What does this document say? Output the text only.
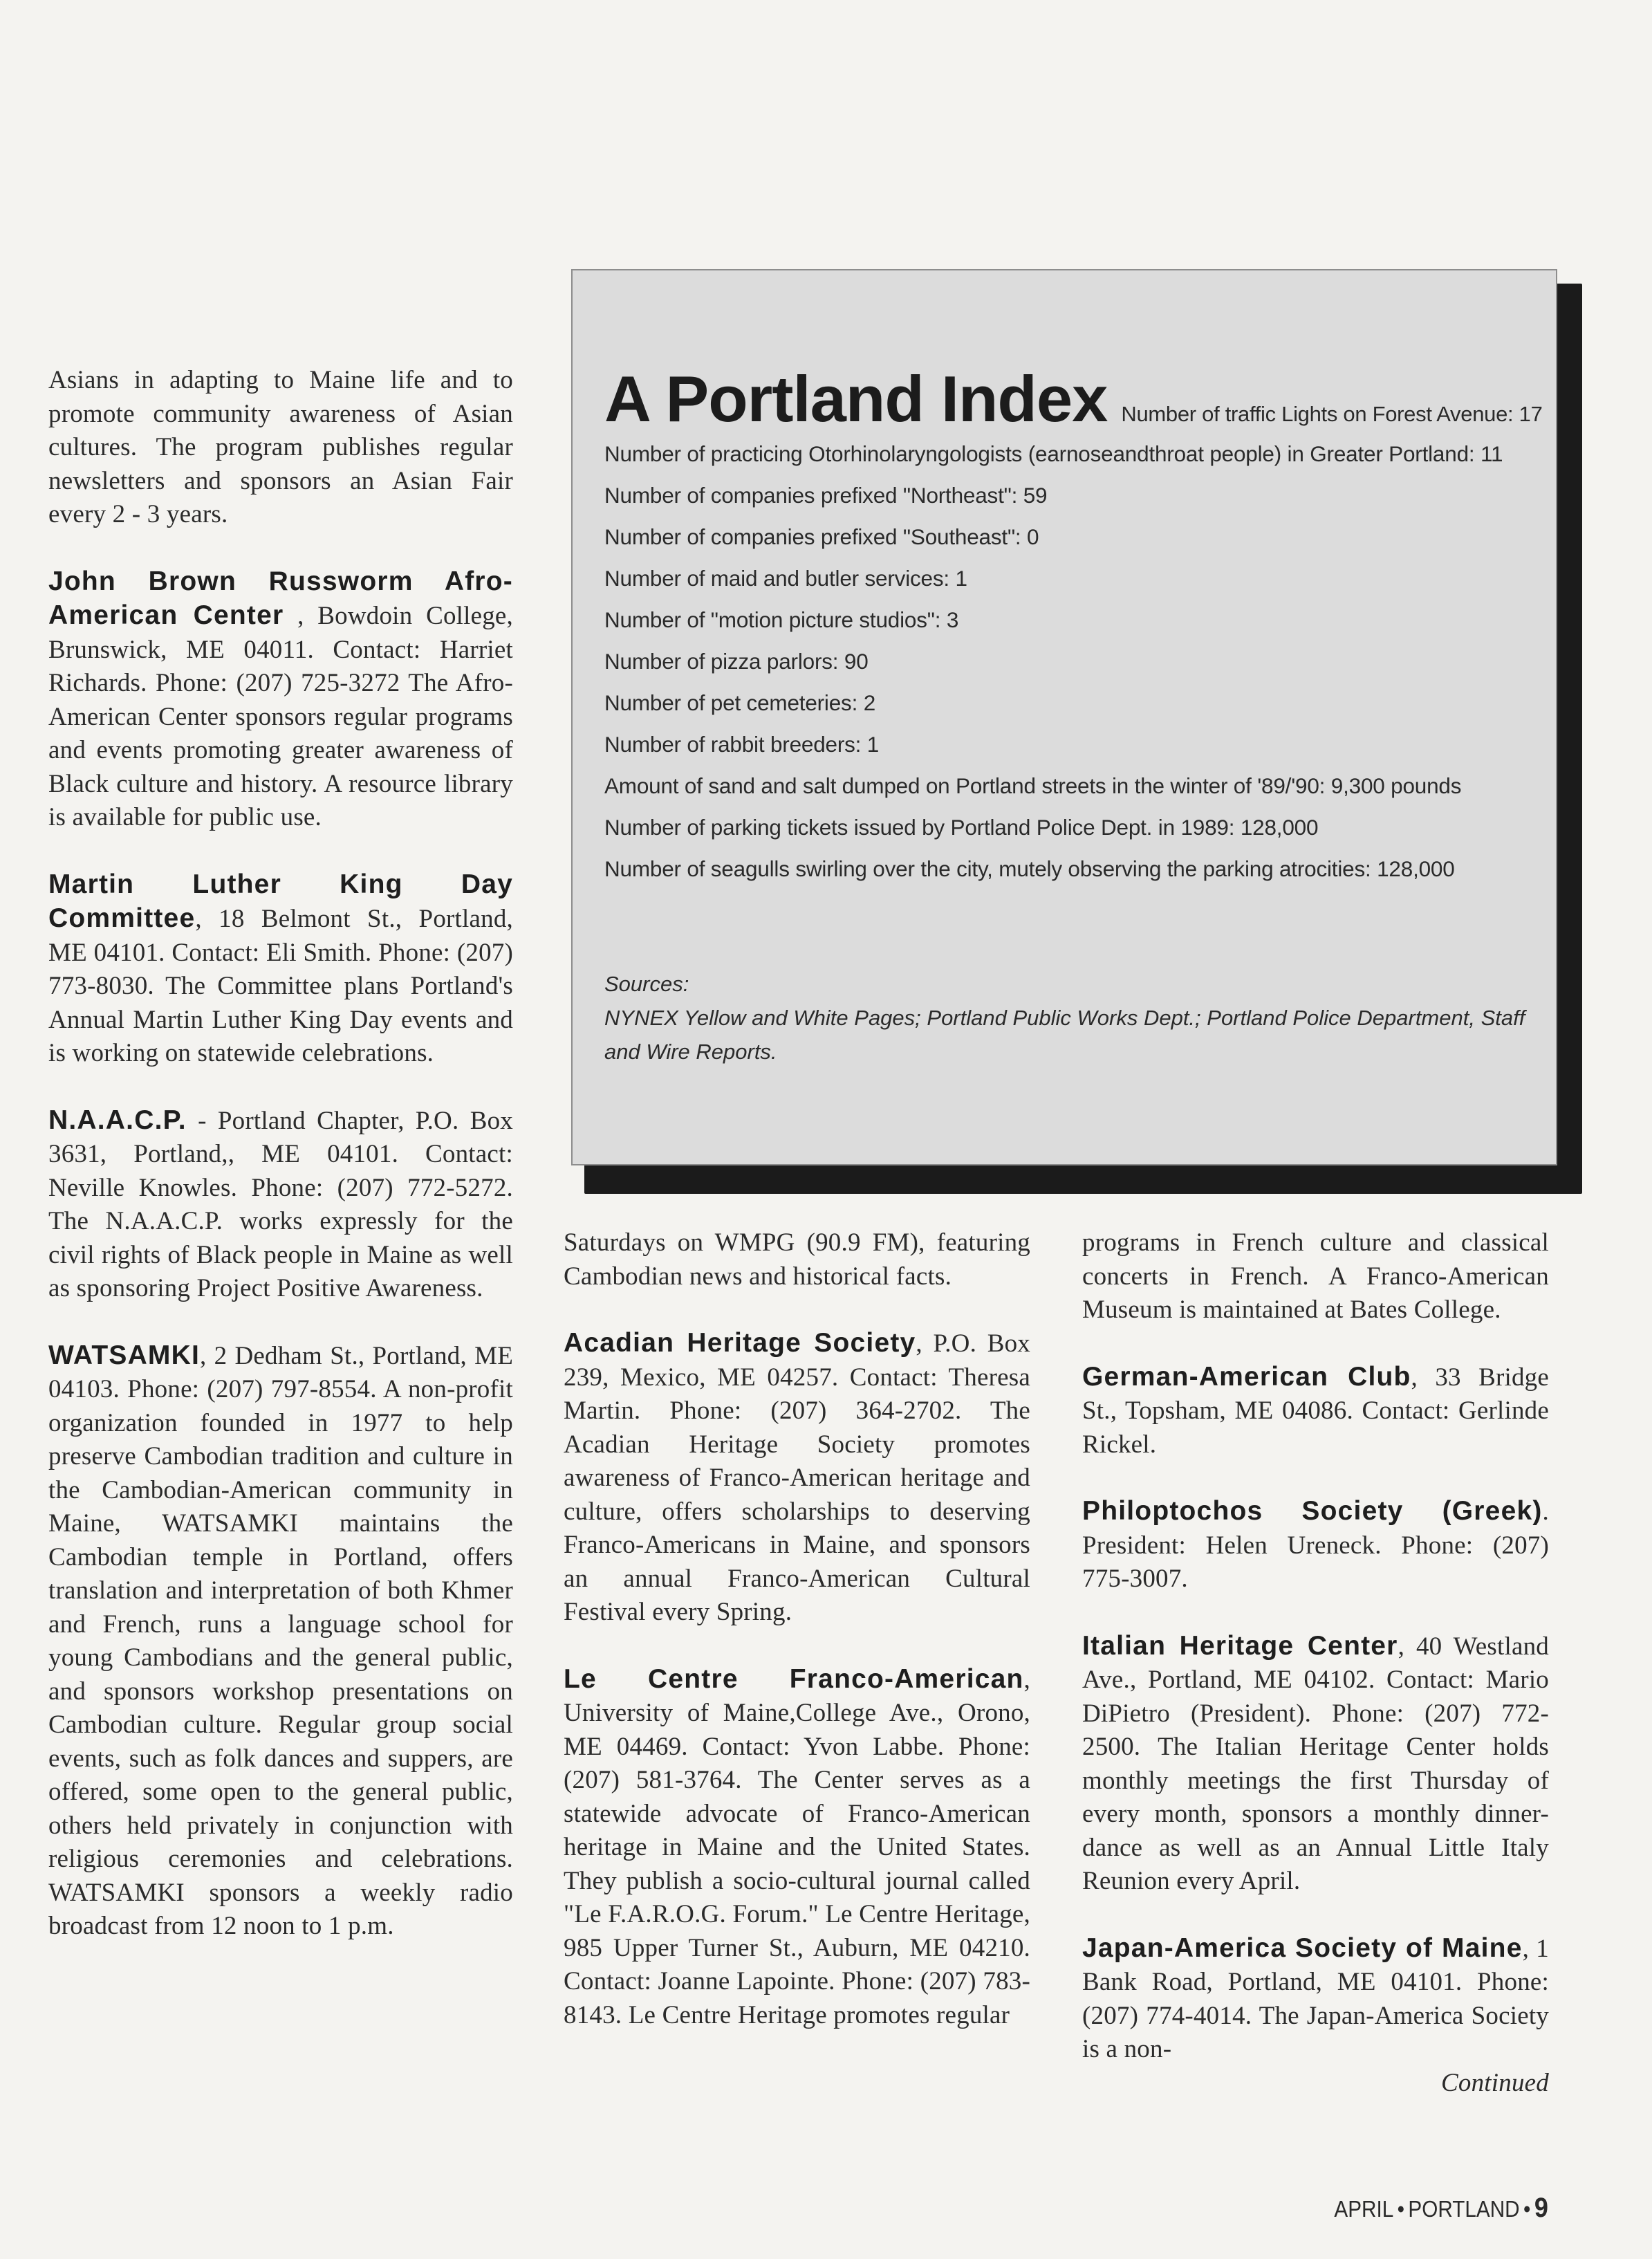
Asians in adapting to Maine life and to promote community awareness of Asian cultures. The program publishes regular newsletters and sponsors an Asian Fair every 2 - 3 years.
John Brown Russworm Afro-American Center , Bowdoin College, Brunswick, ME 04011. Contact: Harriet Richards. Phone: (207) 725-3272 The Afro-American Center sponsors regular programs and events promoting greater awareness of Black culture and history. A resource library is available for public use.
Martin Luther King Day Committee, 18 Belmont St., Portland, ME 04101. Contact: Eli Smith. Phone: (207) 773-8030. The Committee plans Portland's Annual Martin Luther King Day events and is working on statewide celebrations.
N.A.A.C.P. - Portland Chapter, P.O. Box 3631, Portland,, ME 04101. Contact: Neville Knowles. Phone: (207) 772-5272. The N.A.A.C.P. works expressly for the civil rights of Black people in Maine as well as sponsoring Project Positive Awareness.
WATSAMKI, 2 Dedham St., Portland, ME 04103. Phone: (207) 797-8554. A non-profit organization founded in 1977 to help preserve Cambodian tradition and culture in the Cambodian-American community in Maine, WATSAMKI maintains the Cambodian temple in Portland, offers translation and interpretation of both Khmer and French, runs a language school for young Cambodians and the general public, and sponsors workshop presentations on Cambodian culture. Regular group social events, such as folk dances and suppers, are offered, some open to the general public, others held privately in conjunction with religious ceremonies and celebrations. WATSAMKI sponsors a weekly radio broadcast from 12 noon to 1 p.m.
A Portland Index Number of traffic Lights on Forest Avenue: 17
Number of practicing Otorhinolaryngologists (earnoseandthroat people) in Greater Portland: 11
Number of companies prefixed "Northeast": 59
Number of companies prefixed "Southeast": 0
Number of maid and butler services: 1
Number of "motion picture studios": 3
Number of pizza parlors: 90
Number of pet cemeteries: 2
Number of rabbit breeders: 1
Amount of sand and salt dumped on Portland streets in the winter of '89/'90: 9,300 pounds
Number of parking tickets issued by Portland Police Dept. in 1989: 128,000
Number of seagulls swirling over the city, mutely observing the parking atrocities: 128,000
Sources:
NYNEX Yellow and White Pages; Portland Public Works Dept.; Portland Police Department, Staff and Wire Reports.
Saturdays on WMPG (90.9 FM), featuring Cambodian news and historical facts.
Acadian Heritage Society, P.O. Box 239, Mexico, ME 04257. Contact: Theresa Martin. Phone: (207) 364-2702. The Acadian Heritage Society promotes awareness of Franco-American heritage and culture, offers scholarships to deserving Franco-Americans in Maine, and sponsors an annual Franco-American Cultural Festival every Spring.
Le Centre Franco-American, University of Maine,College Ave., Orono, ME 04469. Contact: Yvon Labbe. Phone: (207) 581-3764. The Center serves as a statewide advocate of Franco-American heritage in Maine and the United States. They publish a socio-cultural journal called "Le F.A.R.O.G. Forum." Le Centre Heritage, 985 Upper Turner St., Auburn, ME 04210. Contact: Joanne Lapointe. Phone: (207) 783-8143. Le Centre Heritage promotes regular
programs in French culture and classical concerts in French. A Franco-American Museum is maintained at Bates College.
German-American Club, 33 Bridge St., Topsham, ME 04086. Contact: Gerlinde Rickel.
Philoptochos Society (Greek). President: Helen Ureneck. Phone: (207) 775-3007.
Italian Heritage Center, 40 Westland Ave., Portland, ME 04102. Contact: Mario DiPietro (President). Phone: (207) 772-2500. The Italian Heritage Center holds monthly meetings the first Thursday of every month, sponsors a monthly dinner-dance as well as an Annual Little Italy Reunion every April.
Japan-America Society of Maine, 1 Bank Road, Portland, ME 04101. Phone: (207) 774-4014. The Japan-America Society is a non-
Continued
APRIL • PORTLAND • 9
